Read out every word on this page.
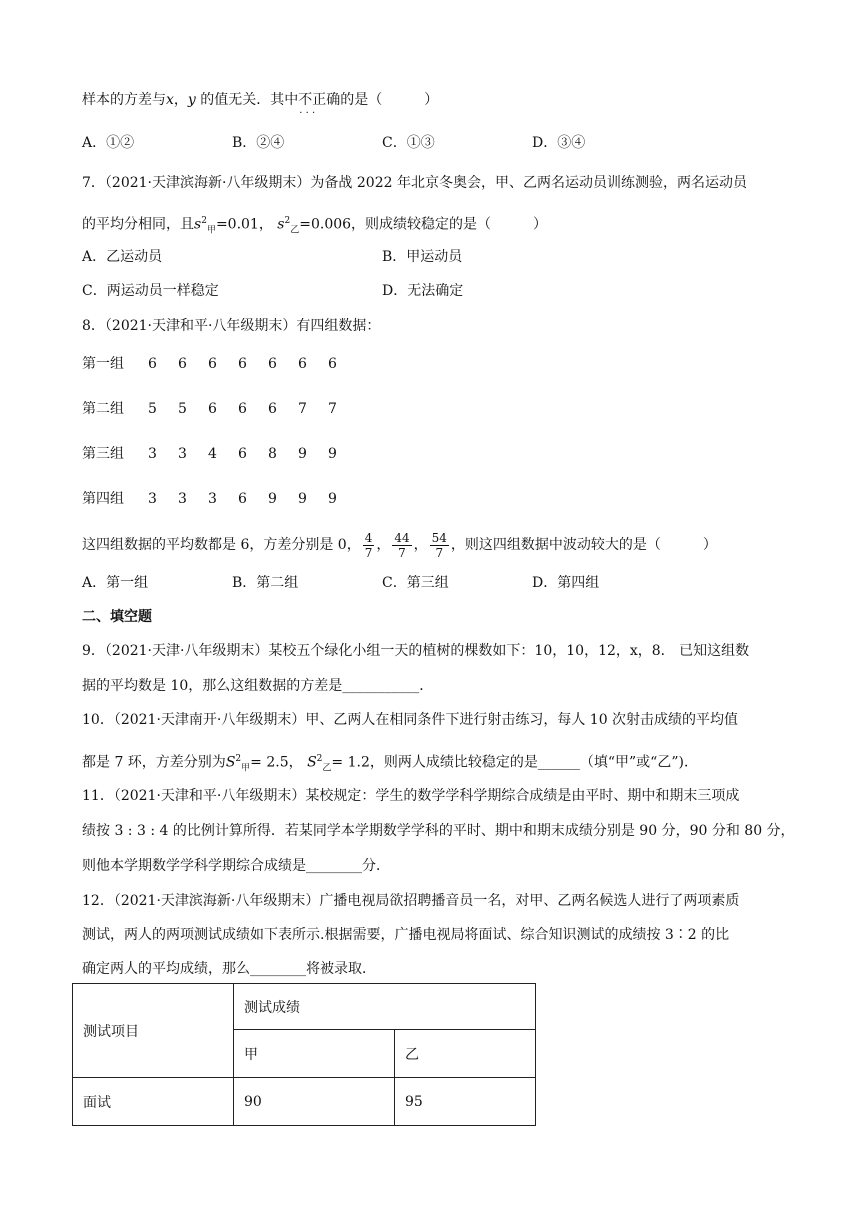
样本的方差与x，y 的值无关．其中不正确 · · ·的是（　　　）
A．①②	B．②④	C．①③	D．③④
7．（2021·天津滨海新·八年级期末）为备战 2022 年北京冬奥会，甲、乙两名运动员训练测验，两名运动员
的平均分相同，且$s^2_甲=0.01$， $s^2_乙=0.006$，则成绩较稳定的是（　　　）
A．乙运动员	B．甲运动员
C．两运动员一样稳定	D．无法确定
8．（2021·天津和平·八年级期末）有四组数据：
第一组 6 6 6 6 6 6 6
第二组 5 5 6 6 6 7 7
第三组 3 3 4 6 8 9 9
第四组 3 3 3 6 9 9 9
这四组数据的平均数都是 6，方差分别是 0， $\frac{4}{7}$ ， $\frac{44}{7}$ ， $\frac{54}{7}$ ，则这四组数据中波动较大的是（　　　）
A．第一组	B．第二组	C．第三组	D．第四组
二、填空题
9．（2021·天津·八年级期末）某校五个绿化小组一天的植树的棵数如下：10，10，12，x，8． 已知这组数
据的平均数是 10，那么这组数据的方差是___________．
10．（2021·天津南开·八年级期末）甲、乙两人在相同条件下进行射击练习，每人 10 次射击成绩的平均值
都是 7 环，方差分别为$S^2_甲= 2.5$， $S^2_乙= 1.2$，则两人成绩比较稳定的是______（填“甲”或“乙”)．
11．（2021·天津和平·八年级期末）某校规定：学生的数学学科学期综合成绩是由平时、期中和期末三项成
绩按 3 : 3 : 4 的比例计算所得．若某同学本学期数学学科的平时、期中和期末成绩分别是 90 分，90 分和 80 分，
则他本学期数学学科学期综合成绩是________分．
12．（2021·天津滨海新·八年级期末）广播电视局欲招聘播音员一名，对甲、乙两名候选人进行了两项素质
测试，两人的两项测试成绩如下表所示.根据需要，广播电视局将面试、综合知识测试的成绩按 3∶2 的比
确定两人的平均成绩，那么________将被录取．
测试项目	测试成绩	
	甲	乙
面试	90	95
